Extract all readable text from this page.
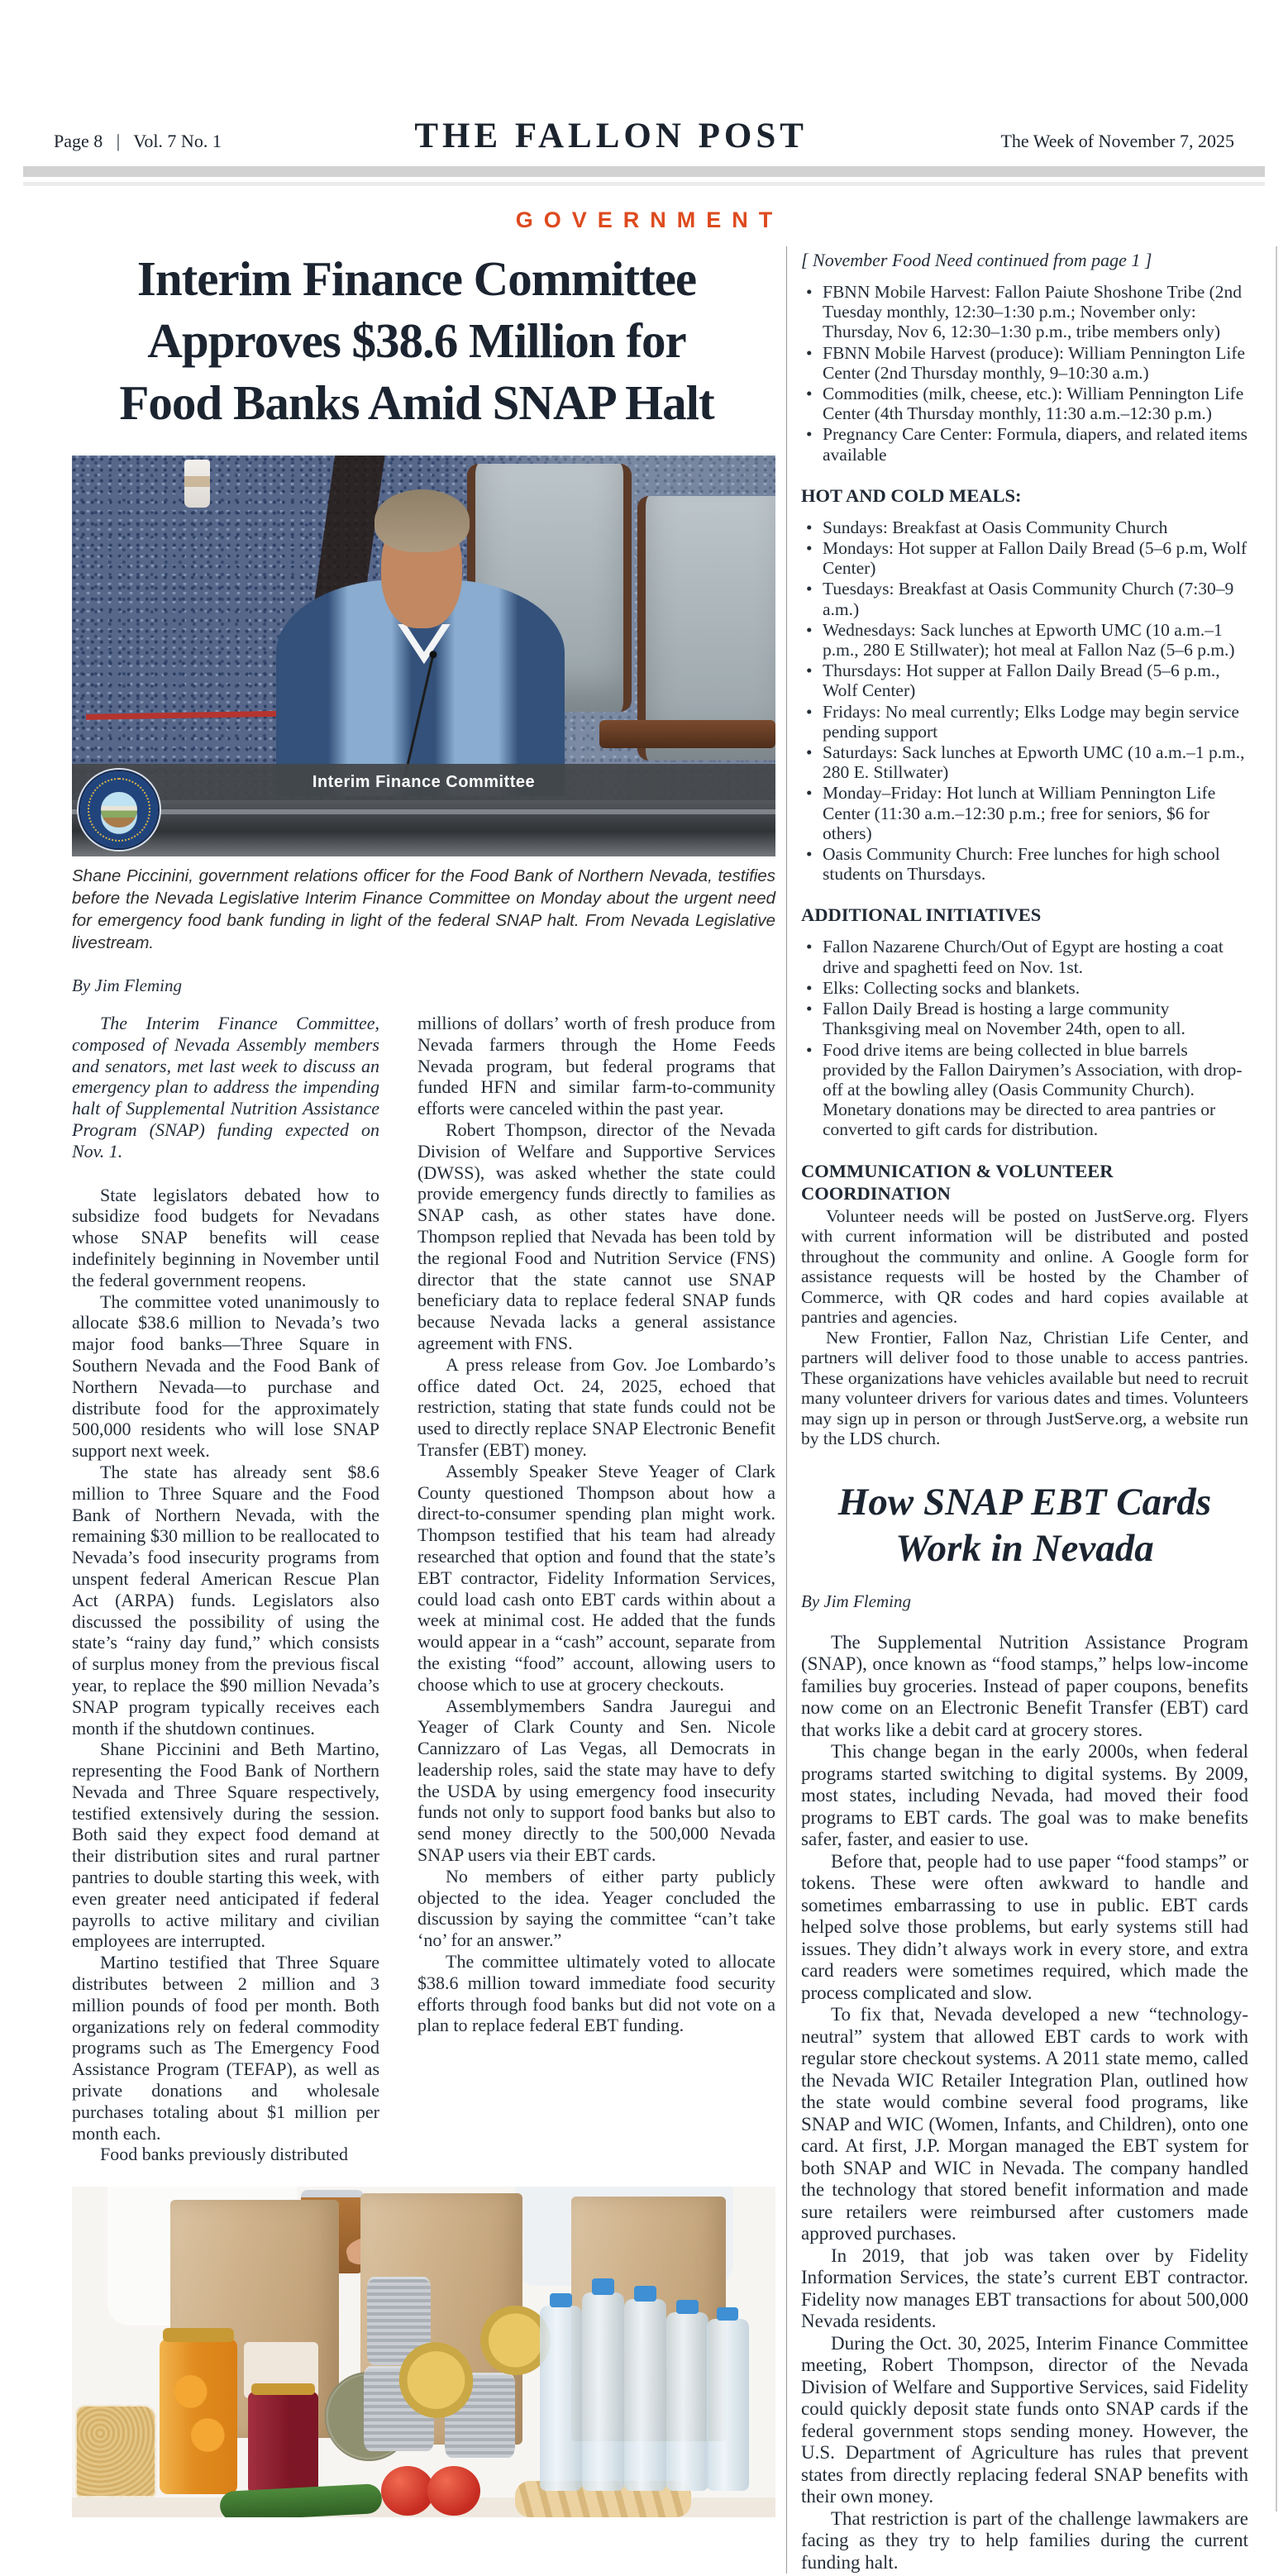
Page 8   |   Vol. 7 No. 1	THE FALLON POST	The Week of November 7, 2025
GOVERNMENT
Interim Finance Committee
Approves $38.6 Million for
Food Banks Amid SNAP Halt
Interim Finance Committee

Shane Piccinini, government relations officer for the Food Bank of Northern Nevada, testifies before the Nevada Legislative Interim Finance Committee on Monday about the urgent need for emergency food bank funding in light of the federal SNAP halt. From Nevada Legislative livestream.

By Jim Fleming

The Interim Finance Committee, composed of Nevada Assembly members and senators, met last week to discuss an emergency plan to address the impending halt of Supplemental Nutrition Assistance Program (SNAP) funding expected on Nov. 1.

State legislators debated how to subsidize food budgets for Nevadans whose SNAP benefits will cease indefinitely beginning in November until the federal government reopens.

The committee voted unanimously to allocate $38.6 million to Nevada’s two major food banks—Three Square in Southern Nevada and the Food Bank of Northern Nevada—to purchase and distribute food for the approximately 500,000 residents who will lose SNAP support next week.

The state has already sent $8.6 million to Three Square and the Food Bank of Northern Nevada, with the remaining $30 million to be reallocated to Nevada’s food insecurity programs from unspent federal American Rescue Plan Act (ARPA) funds. Legislators also discussed the possibility of using the state’s “rainy day fund,” which consists of surplus money from the previous fiscal year, to replace the $90 million Nevada’s SNAP program typically receives each month if the shutdown continues.

Shane Piccinini and Beth Martino, representing the Food Bank of Northern Nevada and Three Square respectively, testified extensively during the session. Both said they expect food demand at their distribution sites and rural partner pantries to double starting this week, with even greater need anticipated if federal payrolls to active military and civilian employees are interrupted.

Martino testified that Three Square distributes between 2 million and 3 million pounds of food per month. Both organizations rely on federal commodity programs such as The Emergency Food Assistance Program (TEFAP), as well as private donations and wholesale purchases totaling about $1 million per month each.

Food banks previously distributed

millions of dollars’ worth of fresh produce from Nevada farmers through the Home Feeds Nevada program, but federal programs that funded HFN and similar farm-to-community efforts were canceled within the past year.

Robert Thompson, director of the Nevada Division of Welfare and Supportive Services (DWSS), was asked whether the state could provide emergency funds directly to families as SNAP cash, as other states have done. Thompson replied that Nevada has been told by the regional Food and Nutrition Service (FNS) director that the state cannot use SNAP beneficiary data to replace federal SNAP funds because Nevada lacks a general assistance agreement with FNS.

A press release from Gov. Joe Lombardo’s office dated Oct. 24, 2025, echoed that restriction, stating that state funds could not be used to directly replace SNAP Electronic Benefit Transfer (EBT) money.

Assembly Speaker Steve Yeager of Clark County questioned Thompson about how a direct-to-consumer spending plan might work. Thompson testified that his team had already researched that option and found that the state’s EBT contractor, Fidelity Information Services, could load cash onto EBT cards within about a week at minimal cost. He added that the funds would appear in a “cash” account, separate from the existing “food” account, allowing users to choose which to use at grocery checkouts.

Assemblymembers Sandra Jauregui and Yeager of Clark County and Sen. Nicole Cannizzaro of Las Vegas, all Democrats in leadership roles, said the state may have to defy the USDA by using emergency food insecurity funds not only to support food banks but also to send money directly to the 500,000 Nevada SNAP users via their EBT cards.

No members of either party publicly objected to the idea. Yeager concluded the discussion by saying the committee “can’t take ‘no’ for an answer.”

The committee ultimately voted to allocate $38.6 million toward immediate food security efforts through food banks but did not vote on a plan to replace federal EBT funding.

[ November Food Need continued from page 1 ]
• FBNN Mobile Harvest: Fallon Paiute Shoshone Tribe (2nd Tuesday monthly, 12:30–1:30 p.m.; November only: Thursday, Nov 6, 12:30–1:30 p.m., tribe members only)
• FBNN Mobile Harvest (produce): William Pennington Life Center (2nd Thursday monthly, 9–10:30 a.m.)
• Commodities (milk, cheese, etc.): William Pennington Life Center (4th Thursday monthly, 11:30 a.m.–12:30 p.m.)
• Pregnancy Care Center: Formula, diapers, and related items available
HOT AND COLD MEALS:
• Sundays: Breakfast at Oasis Community Church
• Mondays: Hot supper at Fallon Daily Bread (5–6 p.m, Wolf Center)
• Tuesdays: Breakfast at Oasis Community Church (7:30–9 a.m.)
• Wednesdays: Sack lunches at Epworth UMC (10 a.m.–1 p.m., 280 E Stillwater); hot meal at Fallon Naz (5–6 p.m.)
• Thursdays: Hot supper at Fallon Daily Bread (5–6 p.m., Wolf Center)
• Fridays: No meal currently; Elks Lodge may begin service pending support
• Saturdays: Sack lunches at Epworth UMC (10 a.m.–1 p.m., 280 E. Stillwater)
• Monday–Friday: Hot lunch at William Pennington Life Center (11:30 a.m.–12:30 p.m.; free for seniors, $6 for others)
• Oasis Community Church: Free lunches for high school students on Thursdays.
ADDITIONAL INITIATIVES
• Fallon Nazarene Church/Out of Egypt are hosting a coat drive and spaghetti feed on Nov. 1st.
• Elks: Collecting socks and blankets.
• Fallon Daily Bread is hosting a large community Thanksgiving meal on November 24th, open to all.
• Food drive items are being collected in blue barrels provided by the Fallon Dairymen’s Association, with drop-off at the bowling alley (Oasis Community Church). Monetary donations may be directed to area pantries or converted to gift cards for distribution.
COMMUNICATION & VOLUNTEER COORDINATION

Volunteer needs will be posted on JustServe.org. Flyers with current information will be distributed and posted throughout the community and online. A Google form for assistance requests will be hosted by the Chamber of Commerce, with QR codes and hard copies available at pantries and agencies.

New Frontier, Fallon Naz, Christian Life Center, and partners will deliver food to those unable to access pantries. These organizations have vehicles available but need to recruit many volunteer drivers for various dates and times. Volunteers may sign up in person or through JustServe.org, a website run by the LDS church.

How SNAP EBT Cards
Work in Nevada
By Jim Fleming

The Supplemental Nutrition Assistance Program (SNAP), once known as “food stamps,” helps low-income families buy groceries. Instead of paper coupons, benefits now come on an Electronic Benefit Transfer (EBT) card that works like a debit card at grocery stores.

This change began in the early 2000s, when federal programs started switching to digital systems. By 2009, most states, including Nevada, had moved their food programs to EBT cards. The goal was to make benefits safer, faster, and easier to use.

Before that, people had to use paper “food stamps” or tokens. These were often awkward to handle and sometimes embarrassing to use in public. EBT cards helped solve those problems, but early systems still had issues. They didn’t always work in every store, and extra card readers were sometimes required, which made the process complicated and slow.

To fix that, Nevada developed a new “technology-neutral” system that allowed EBT cards to work with regular store checkout systems. A 2011 state memo, called the Nevada WIC Retailer Integration Plan, outlined how the state would combine several food programs, like SNAP and WIC (Women, Infants, and Children), onto one card. At first, J.P. Morgan managed the EBT system for both SNAP and WIC in Nevada. The company handled the technology that stored benefit information and made sure retailers were reimbursed after customers made approved purchases.

In 2019, that job was taken over by Fidelity Information Services, the state’s current EBT contractor. Fidelity now manages EBT transactions for about 500,000 Nevada residents.

During the Oct. 30, 2025, Interim Finance Committee meeting, Robert Thompson, director of the Nevada Division of Welfare and Supportive Services, said Fidelity could quickly deposit state funds onto SNAP cards if the federal government stops sending money. However, the U.S. Department of Agriculture has rules that prevent states from directly replacing federal SNAP benefits with their own money.

That restriction is part of the challenge lawmakers are facing as they try to help families during the current funding halt.
